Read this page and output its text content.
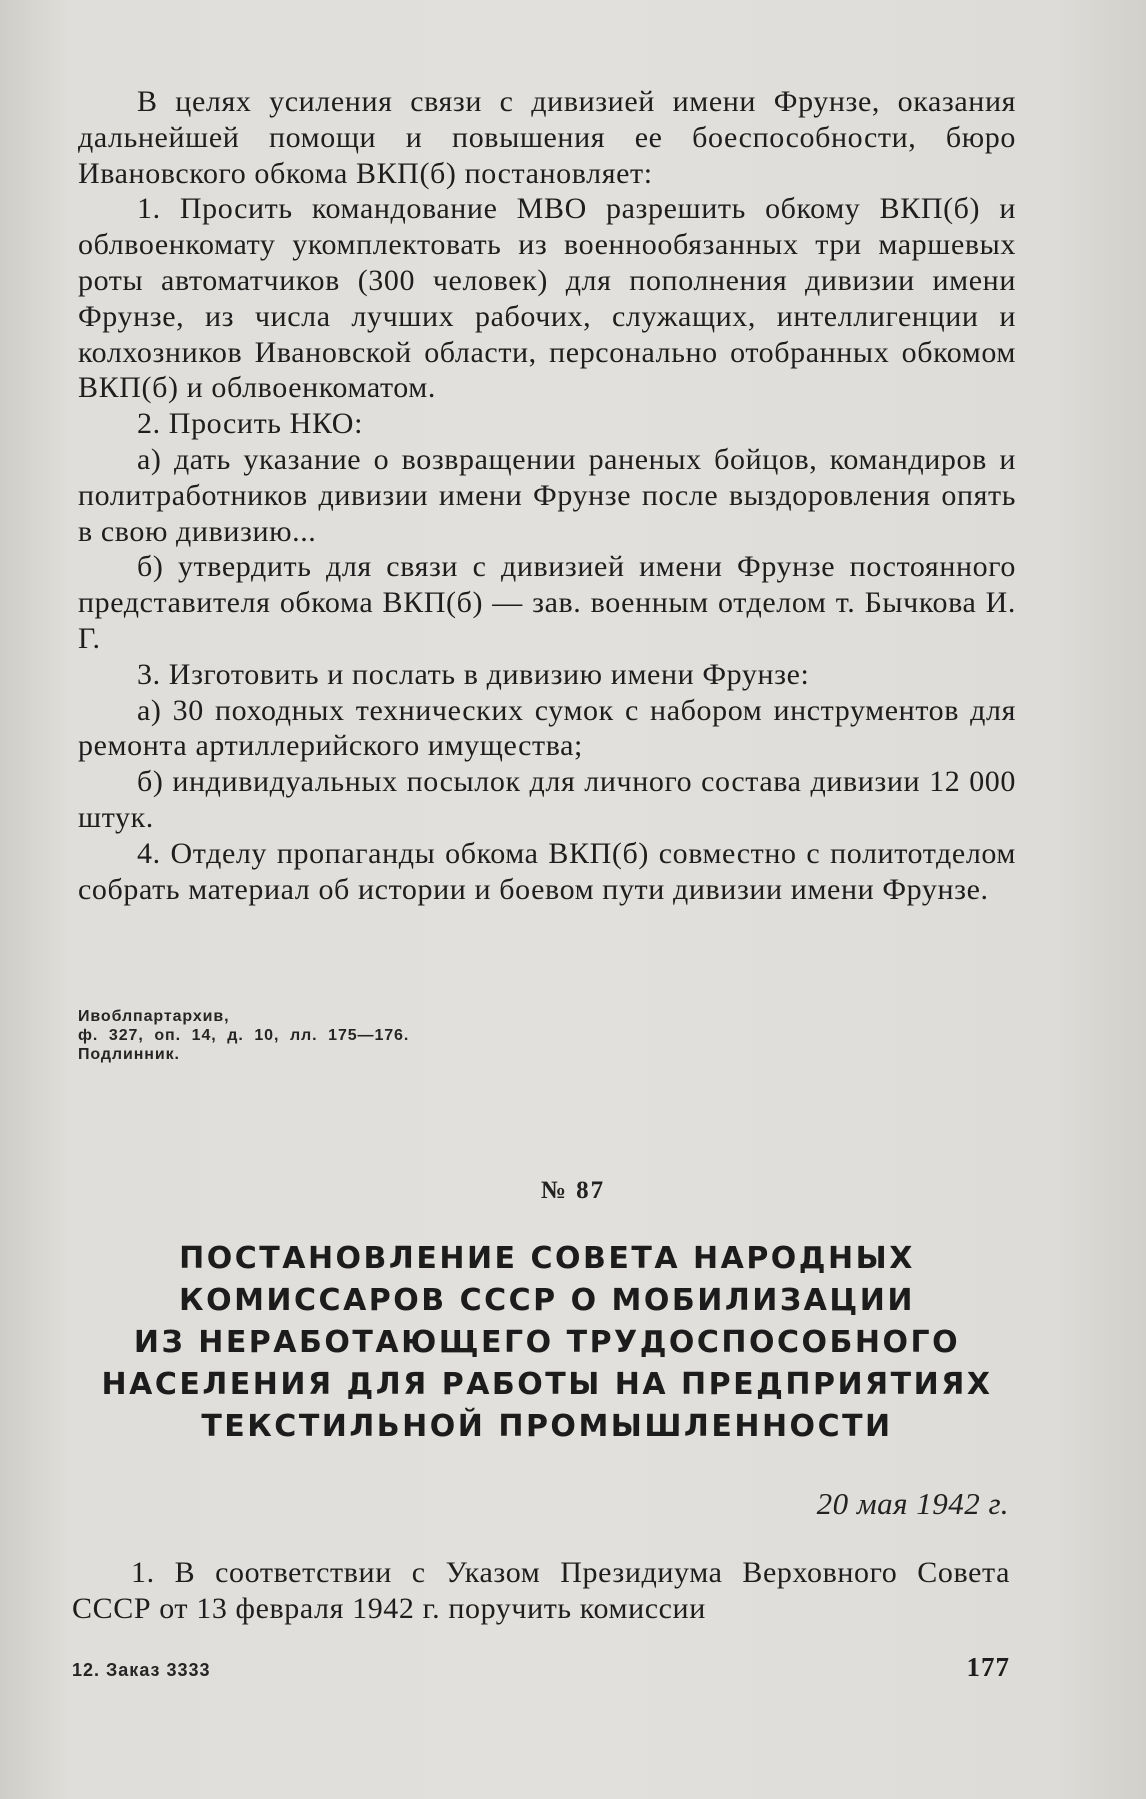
В целях усиления связи с дивизией имени Фрунзе, оказания дальнейшей помощи и повышения ее боеспособности, бюро Ивановского обкома ВКП(б) постановляет:

1. Просить командование МВО разрешить обкому ВКП(б) и облвоенкомату укомплектовать из военнообязанных три маршевых роты автоматчиков (300 человек) для пополнения дивизии имени Фрунзе, из числа лучших рабочих, служащих, интеллигенции и колхозников Ивановской области, персонально отобранных обкомом ВКП(б) и облвоенкоматом.

2. Просить НКО:

а) дать указание о возвращении раненых бойцов, командиров и политработников дивизии имени Фрунзе после выздоровления опять в свою дивизию...

б) утвердить для связи с дивизией имени Фрунзе постоянного представителя обкома ВКП(б) — зав. военным отделом т. Бычкова И. Г.

3. Изготовить и послать в дивизию имени Фрунзе:

а) 30 походных технических сумок с набором инструментов для ремонта артиллерийского имущества;

б) индивидуальных посылок для личного состава дивизии 12 000 штук.

4. Отделу пропаганды обкома ВКП(б) совместно с политотделом собрать материал об истории и боевом пути дивизии имени Фрунзе.

Ивоблпартархив,
ф.  327,  оп.  14,  д.  10,  лл.  175—176.
Подлинник.
№ 87
ПОСТАНОВЛЕНИЕ СОВЕТА НАРОДНЫХ
КОМИССАРОВ СССР О МОБИЛИЗАЦИИ
ИЗ НЕРАБОТАЮЩЕГО ТРУДОСПОСОБНОГО
НАСЕЛЕНИЯ ДЛЯ РАБОТЫ НА ПРЕДПРИЯТИЯХ
ТЕКСТИЛЬНОЙ ПРОМЫШЛЕННОСТИ
20 мая 1942 г.

1. В соответствии с Указом Президиума Верховного Совета СССР от 13 февраля 1942 г. поручить комиссии

12. Заказ 3333	177
